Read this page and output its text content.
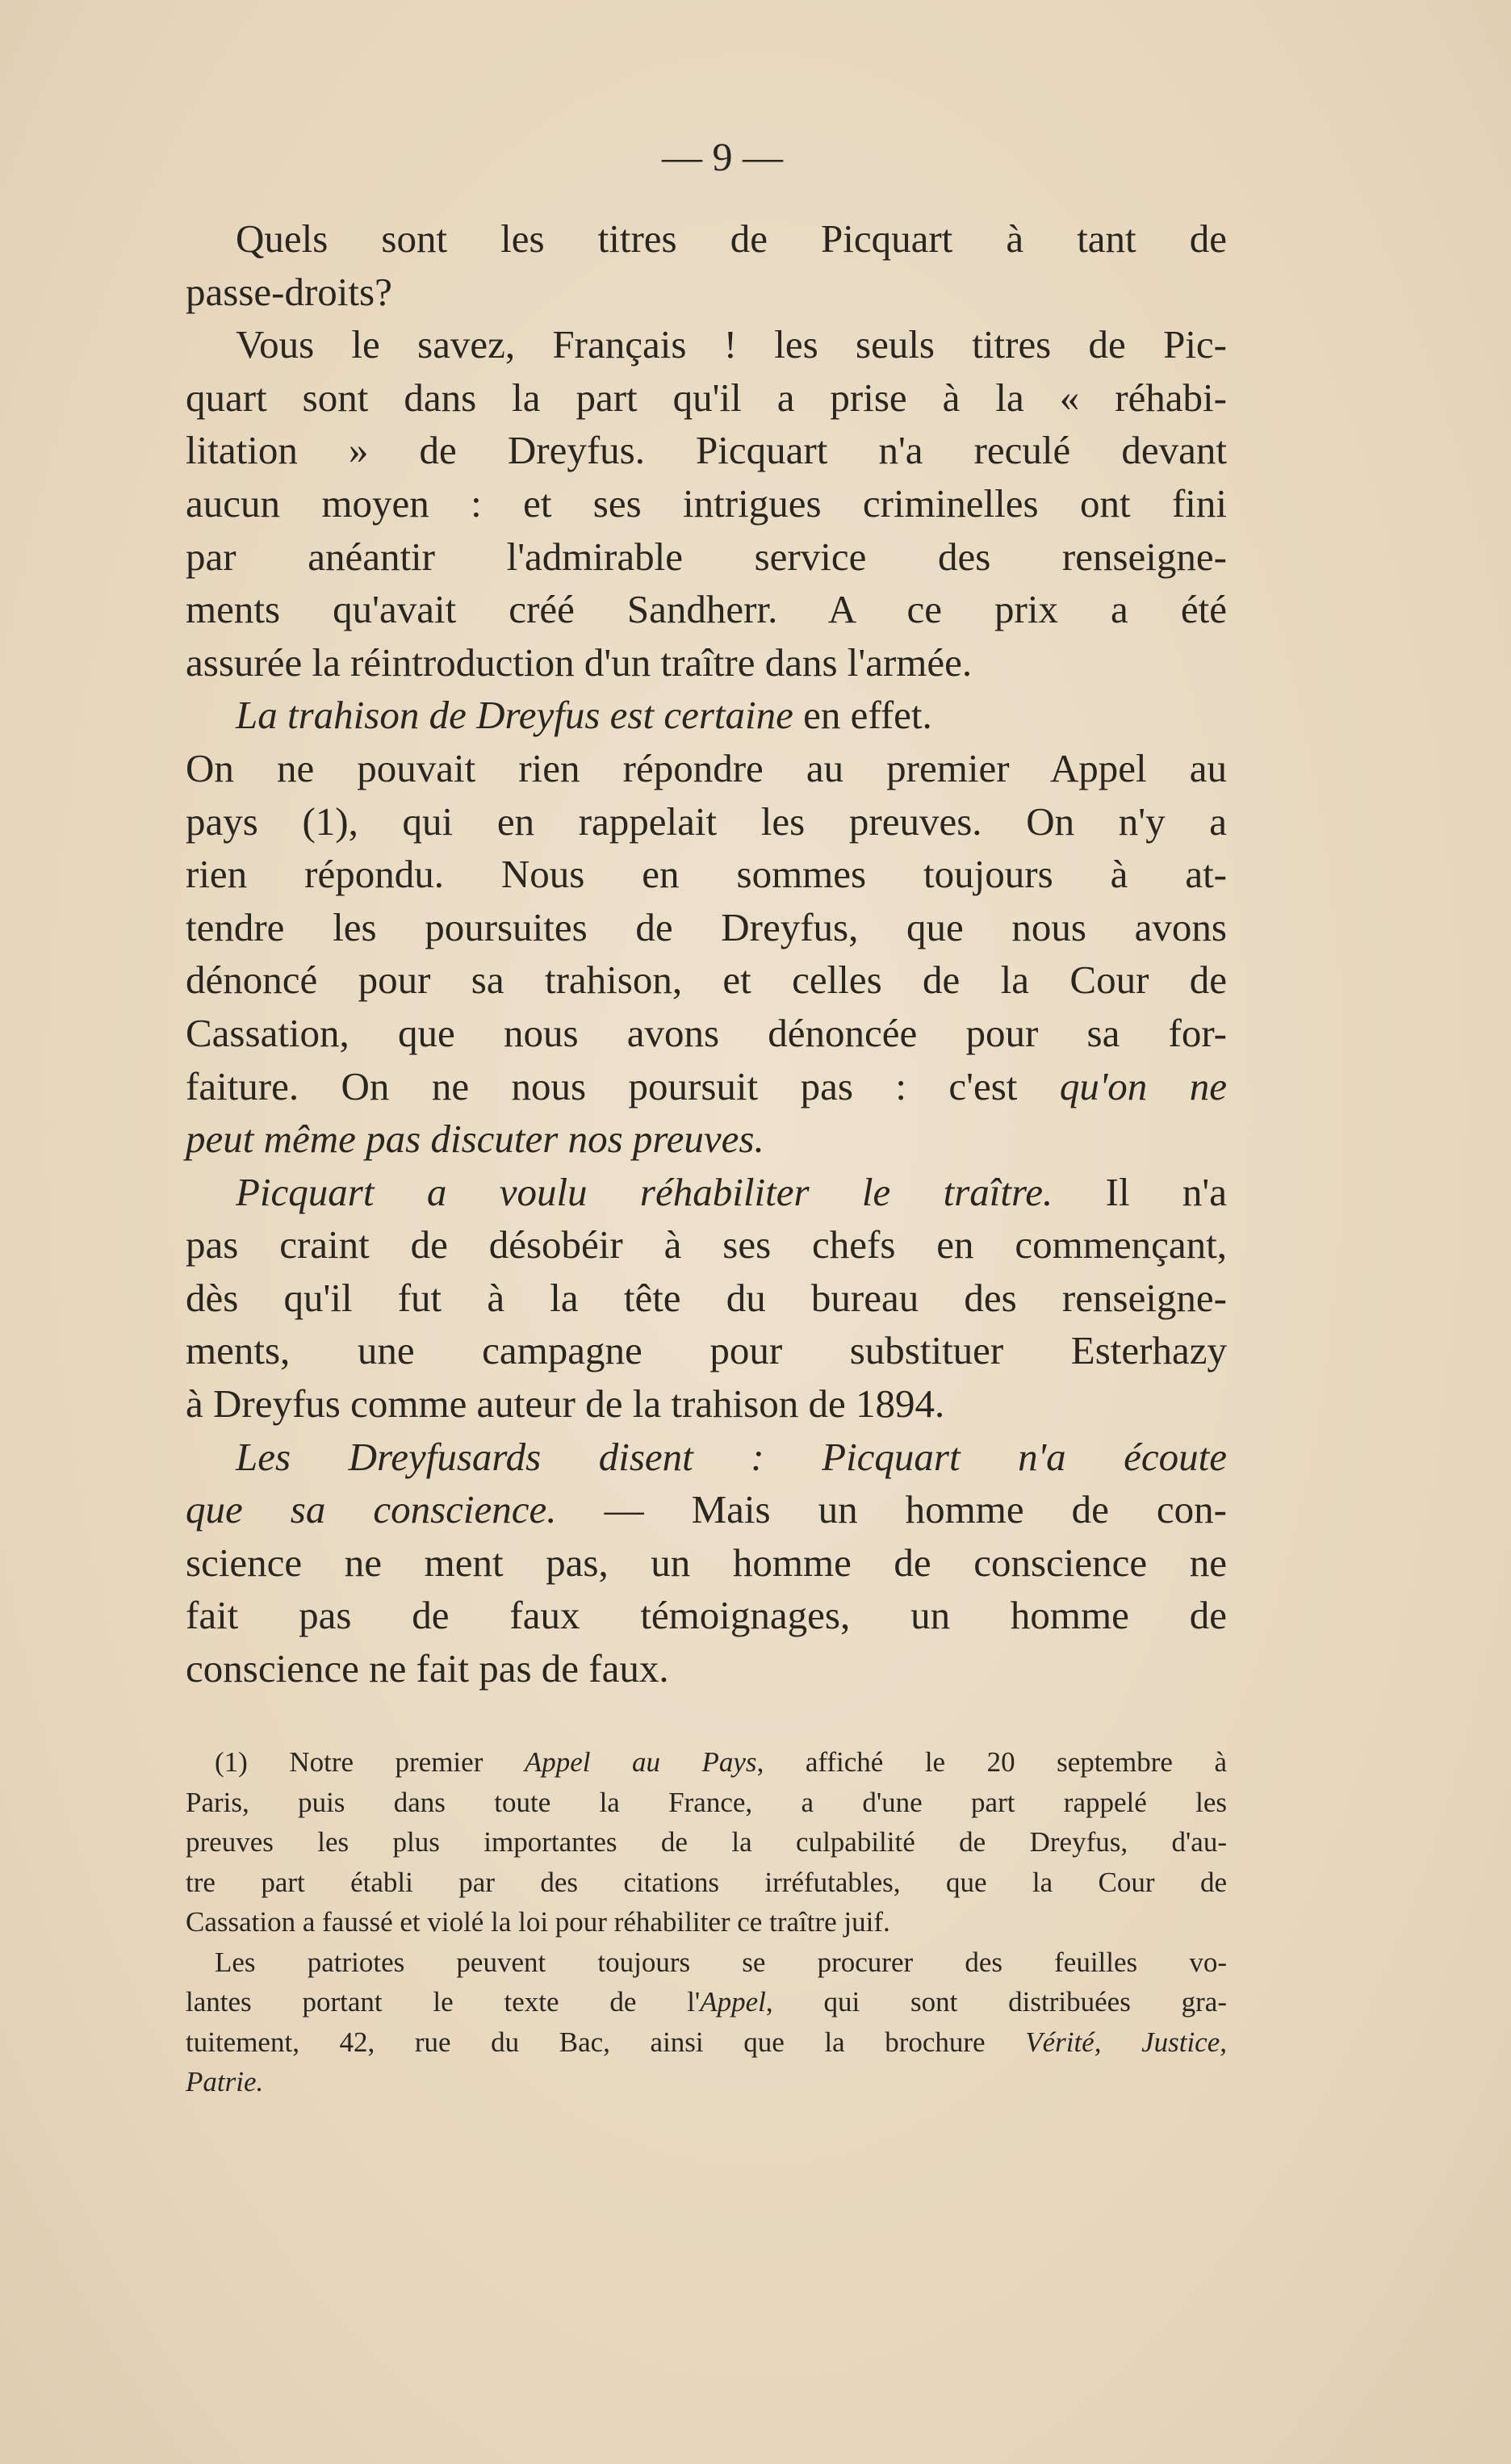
— 9 —
Quels sont les titres de Picquart à tant de
passe-droits?
Vous le savez, Français ! les seuls titres de Pic-
quart sont dans la part qu'il a prise à la « réhabi-
litation » de Dreyfus. Picquart n'a reculé devant
aucun moyen : et ses intrigues criminelles ont fini
par anéantir l'admirable service des renseigne-
ments qu'avait créé Sandherr. A ce prix a été
assurée la réintroduction d'un traître dans l'armée.
La trahison de Dreyfus est certaine en effet.
On ne pouvait rien répondre au premier Appel au
pays (1), qui en rappelait les preuves. On n'y a
rien répondu. Nous en sommes toujours à at-
tendre les poursuites de Dreyfus, que nous avons
dénoncé pour sa trahison, et celles de la Cour de
Cassation, que nous avons dénoncée pour sa for-
faiture. On ne nous poursuit pas : c'est qu'on ne
peut même pas discuter nos preuves.
Picquart a voulu réhabiliter le traître. Il n'a
pas craint de désobéir à ses chefs en commençant,
dès qu'il fut à la tête du bureau des renseigne-
ments, une campagne pour substituer Esterhazy
à Dreyfus comme auteur de la trahison de 1894.
Les Dreyfusards disent : Picquart n'a écoute
que sa conscience. — Mais un homme de con-
science ne ment pas, un homme de conscience ne
fait pas de faux témoignages, un homme de
conscience ne fait pas de faux.
(1) Notre premier Appel au Pays, affiché le 20 septembre à
Paris, puis dans toute la France, a d'une part rappelé les
preuves les plus importantes de la culpabilité de Dreyfus, d'au-
tre part établi par des citations irréfutables, que la Cour de
Cassation a faussé et violé la loi pour réhabiliter ce traître juif.
Les patriotes peuvent toujours se procurer des feuilles vo-
lantes portant le texte de l'Appel, qui sont distribuées gra-
tuitement, 42, rue du Bac, ainsi que la brochure Vérité, Justice,
Patrie.
